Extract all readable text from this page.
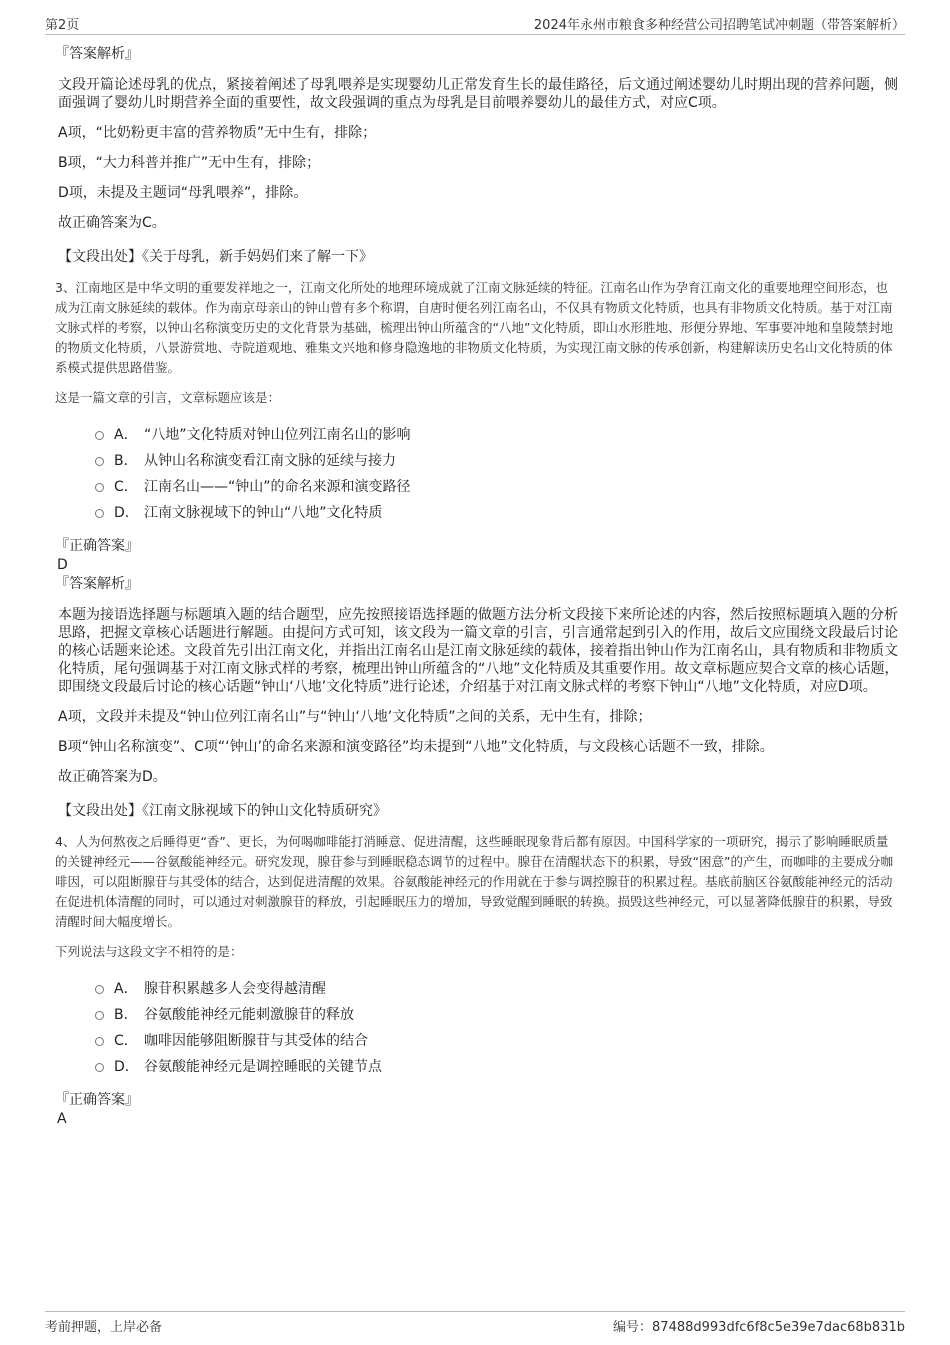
第2页	2024年永州市粮食多种经营公司招聘笔试冲刺题（带答案解析）

『答案解析』

文段开篇论述母乳的优点，紧接着阐述了母乳喂养是实现婴幼儿正常发育生长的最佳路径，后文通过阐述婴幼儿时期出现的营养问题，侧面强调了婴幼儿时期营养全面的重要性，故文段强调的重点为母乳是目前喂养婴幼儿的最佳方式，对应C项。

A项，“比奶粉更丰富的营养物质”无中生有，排除；

B项，“大力科普并推广”无中生有，排除；

D项，未提及主题词“母乳喂养”，排除。

故正确答案为C。

【文段出处】《关于母乳，新手妈妈们来了解一下》

3、江南地区是中华文明的重要发祥地之一，江南文化所处的地理环境成就了江南文脉延续的特征。江南名山作为孕育江南文化的重要地理空间形态，也成为江南文脉延续的载体。作为南京母亲山的钟山曾有多个称谓，自唐时便名列江南名山，不仅具有物质文化特质，也具有非物质文化特质。基于对江南文脉式样的考察，以钟山名称演变历史的文化背景为基础，梳理出钟山所蕴含的“八地”文化特质，即山水形胜地、形便分界地、军事要冲地和皇陵禁封地的物质文化特质，八景游赏地、寺院道观地、雅集文兴地和修身隐逸地的非物质文化特质，为实现江南文脉的传承创新，构建解读历史名山文化特质的体系模式提供思路借鉴。

这是一篇文章的引言，文章标题应该是：

A． “八地”文化特质对钟山位列江南名山的影响
B． 从钟山名称演变看江南文脉的延续与接力
C． 江南名山——“钟山”的命名来源和演变路径
D． 江南文脉视域下的钟山“八地”文化特质

『正确答案』

D

『答案解析』

本题为接语选择题与标题填入题的结合题型，应先按照接语选择题的做题方法分析文段接下来所论述的内容，然后按照标题填入题的分析思路，把握文章核心话题进行解题。由提问方式可知，该文段为一篇文章的引言，引言通常起到引入的作用，故后文应围绕文段最后讨论的核心话题来论述。文段首先引出江南文化，并指出江南名山是江南文脉延续的载体，接着指出钟山作为江南名山，具有物质和非物质文化特质，尾句强调基于对江南文脉式样的考察，梳理出钟山所蕴含的“八地”文化特质及其重要作用。故文章标题应契合文章的核心话题，即围绕文段最后讨论的核心话题“钟山‘八地’文化特质”进行论述，介绍基于对江南文脉式样的考察下钟山“八地”文化特质，对应D项。

A项，文段并未提及“钟山位列江南名山”与“钟山‘八地’文化特质”之间的关系，无中生有，排除；

B项“钟山名称演变”、C项“‘钟山’的命名来源和演变路径”均未提到“八地”文化特质，与文段核心话题不一致，排除。

故正确答案为D。

【文段出处】《江南文脉视域下的钟山文化特质研究》

4、人为何熬夜之后睡得更“香”、更长，为何喝咖啡能打消睡意、促进清醒，这些睡眠现象背后都有原因。中国科学家的一项研究，揭示了影响睡眠质量的关键神经元——谷氨酸能神经元。研究发现，腺苷参与到睡眠稳态调节的过程中。腺苷在清醒状态下的积累，导致“困意”的产生，而咖啡的主要成分咖啡因，可以阻断腺苷与其受体的结合，达到促进清醒的效果。谷氨酸能神经元的作用就在于参与调控腺苷的积累过程。基底前脑区谷氨酸能神经元的活动在促进机体清醒的同时，可以通过对刺激腺苷的释放，引起睡眠压力的增加，导致觉醒到睡眠的转换。损毁这些神经元，可以显著降低腺苷的积累，导致清醒时间大幅度增长。

下列说法与这段文字不相符的是：

A． 腺苷积累越多人会变得越清醒
B． 谷氨酸能神经元能刺激腺苷的释放
C． 咖啡因能够阻断腺苷与其受体的结合
D． 谷氨酸能神经元是调控睡眠的关键节点

『正确答案』

A

考前押题，上岸必备	编号：87488d993dfc6f8c5e39e7dac68b831b
